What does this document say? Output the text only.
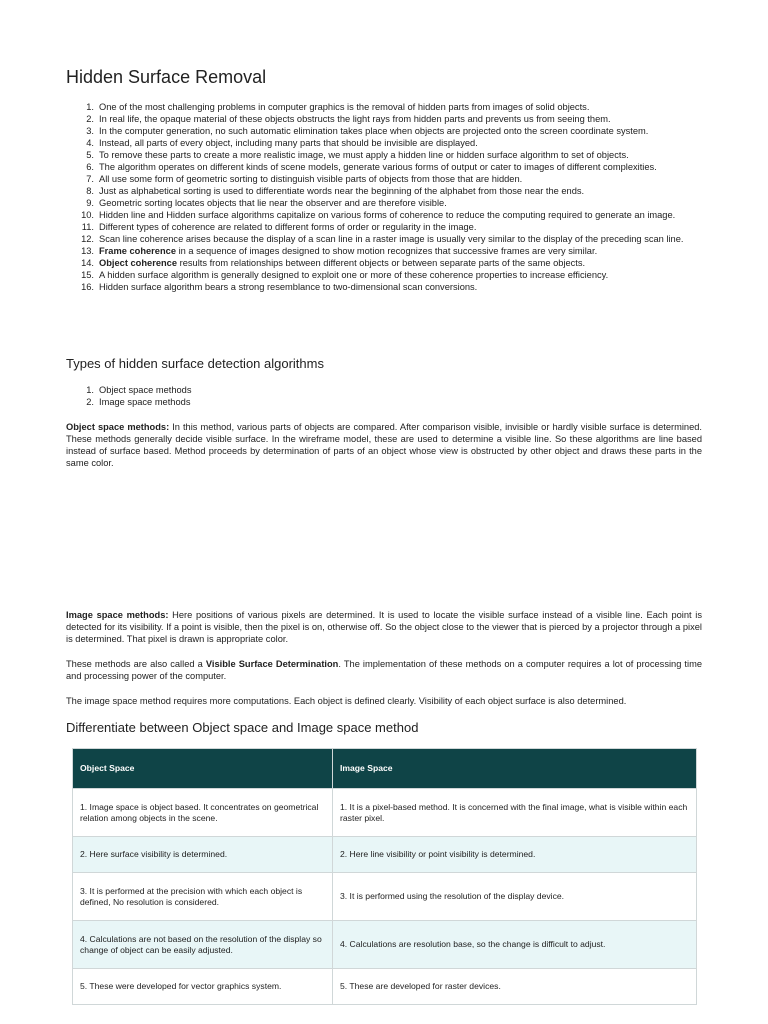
Hidden Surface Removal
1. One of the most challenging problems in computer graphics is the removal of hidden parts from images of solid objects.
2. In real life, the opaque material of these objects obstructs the light rays from hidden parts and prevents us from seeing them.
3. In the computer generation, no such automatic elimination takes place when objects are projected onto the screen coordinate system.
4. Instead, all parts of every object, including many parts that should be invisible are displayed.
5. To remove these parts to create a more realistic image, we must apply a hidden line or hidden surface algorithm to set of objects.
6. The algorithm operates on different kinds of scene models, generate various forms of output or cater to images of different complexities.
7. All use some form of geometric sorting to distinguish visible parts of objects from those that are hidden.
8. Just as alphabetical sorting is used to differentiate words near the beginning of the alphabet from those near the ends.
9. Geometric sorting locates objects that lie near the observer and are therefore visible.
10. Hidden line and Hidden surface algorithms capitalize on various forms of coherence to reduce the computing required to generate an image.
11. Different types of coherence are related to different forms of order or regularity in the image.
12. Scan line coherence arises because the display of a scan line in a raster image is usually very similar to the display of the preceding scan line.
13. Frame coherence in a sequence of images designed to show motion recognizes that successive frames are very similar.
14. Object coherence results from relationships between different objects or between separate parts of the same objects.
15. A hidden surface algorithm is generally designed to exploit one or more of these coherence properties to increase efficiency.
16. Hidden surface algorithm bears a strong resemblance to two-dimensional scan conversions.
Types of hidden surface detection algorithms
1. Object space methods
2. Image space methods

Object space methods: In this method, various parts of objects are compared. After comparison visible, invisible or hardly visible surface is determined. These methods generally decide visible surface. In the wireframe model, these are used to determine a visible line. So these algorithms are line based instead of surface based. Method proceeds by determination of parts of an object whose view is obstructed by other object and draws these parts in the same color.

Image space methods: Here positions of various pixels are determined. It is used to locate the visible surface instead of a visible line. Each point is detected for its visibility. If a point is visible, then the pixel is on, otherwise off. So the object close to the viewer that is pierced by a projector through a pixel is determined. That pixel is drawn is appropriate color.

These methods are also called a Visible Surface Determination. The implementation of these methods on a computer requires a lot of processing time and processing power of the computer.

The image space method requires more computations. Each object is defined clearly. Visibility of each object surface is also determined.

Differentiate between Object space and Image space method
Object Space	Image Space
1. Image space is object based. It concentrates on geometrical relation among objects in the scene.	1. It is a pixel-based method. It is concerned with the final image, what is visible within each raster pixel.
2. Here surface visibility is determined.	2. Here line visibility or point visibility is determined.
3. It is performed at the precision with which each object is defined, No resolution is considered.	3. It is performed using the resolution of the display device.
4. Calculations are not based on the resolution of the display so change of object can be easily adjusted.	4. Calculations are resolution base, so the change is difficult to adjust.
5. These were developed for vector graphics system.	5. These are developed for raster devices.
